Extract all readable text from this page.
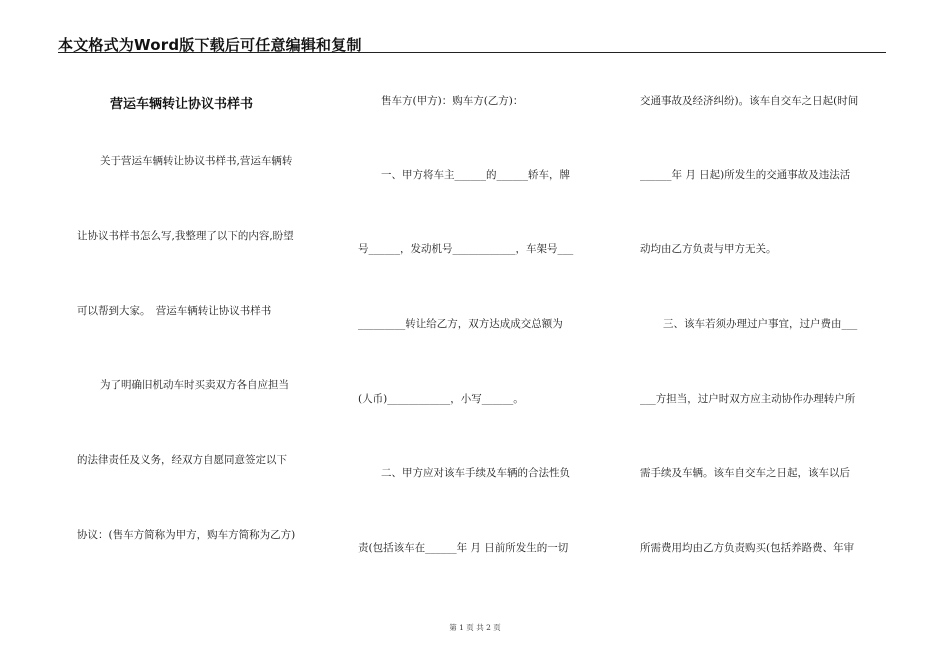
本文格式为Word版下载后可任意编辑和复制
营运车辆转让协议书样书
关于营运车辆转让协议书样书,营运车辆转
让协议书样书怎么写,我整理了以下的内容,盼望
可以帮到大家。　营运车辆转让协议书样书
为了明确旧机动车时买卖双方各自应担当
的法律责任及义务，经双方自愿同意签定以下
协议：(售车方简称为甲方，购车方简称为乙方)
售车方(甲方)：购车方(乙方)：
一、甲方将车主______的______轿车，牌
号______，发动机号____________，车架号___
_________转让给乙方，双方达成成交总额为
(人币)____________，小写______。
二、甲方应对该车手续及车辆的合法性负
责(包括该车在______年 月 日前所发生的一切
交通事故及经济纠纷)。该车自交车之日起(时间
______年 月 日起)所发生的交通事故及违法活
动均由乙方负责与甲方无关。
三、该车若须办理过户事宜，过户费由___
___方担当，过户时双方应主动协作办理转户所
需手续及车辆。该车自交车之日起，该车以后
所需费用均由乙方负责购买(包括养路费、年审
第 1 页 共 2 页
